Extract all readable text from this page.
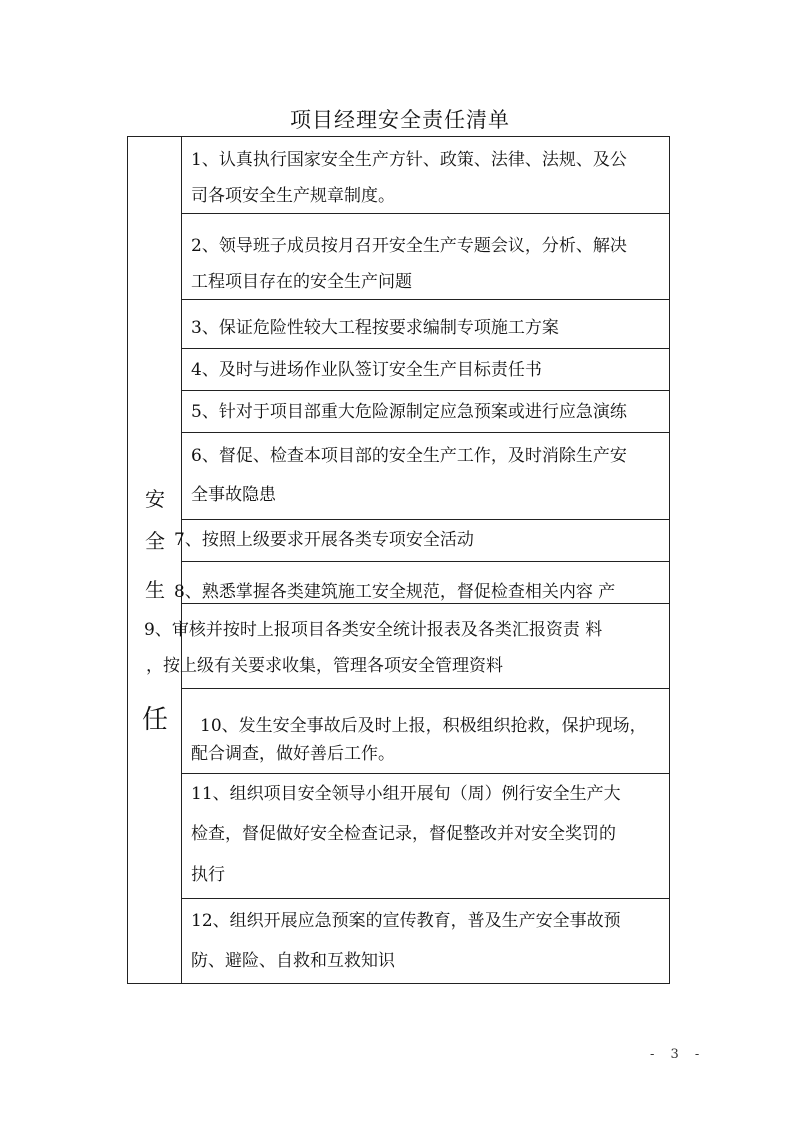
项目经理安全责任清单
安
全
生
任
1、认真执行国家安全生产方针、政策、法律、法规、及公
司各项安全生产规章制度。
2、领导班子成员按月召开安全生产专题会议，分析、解决
工程项目存在的安全生产问题
3、保证危险性较大工程按要求编制专项施工方案
4、及时与进场作业队签订安全生产目标责任书
5、针对于项目部重大危险源制定应急预案或进行应急演练
6、督促、检查本项目部的安全生产工作，及时消除生产安
全事故隐患
7、按照上级要求开展各类专项安全活动
8、熟悉掌握各类建筑施工安全规范，督促检查相关内容 产
9、审核并按时上报项目各类安全统计报表及各类汇报资责 料
，按上级有关要求收集，管理各项安全管理资料
10、发生安全事故后及时上报，积极组织抢救，保护现场，
配合调查，做好善后工作。
11、组织项目安全领导小组开展旬（周）例行安全生产大
检查，督促做好安全检查记录，督促整改并对安全奖罚的
执行
12、组织开展应急预案的宣传教育，普及生产安全事故预
防、避险、自救和互救知识
- 3 -
